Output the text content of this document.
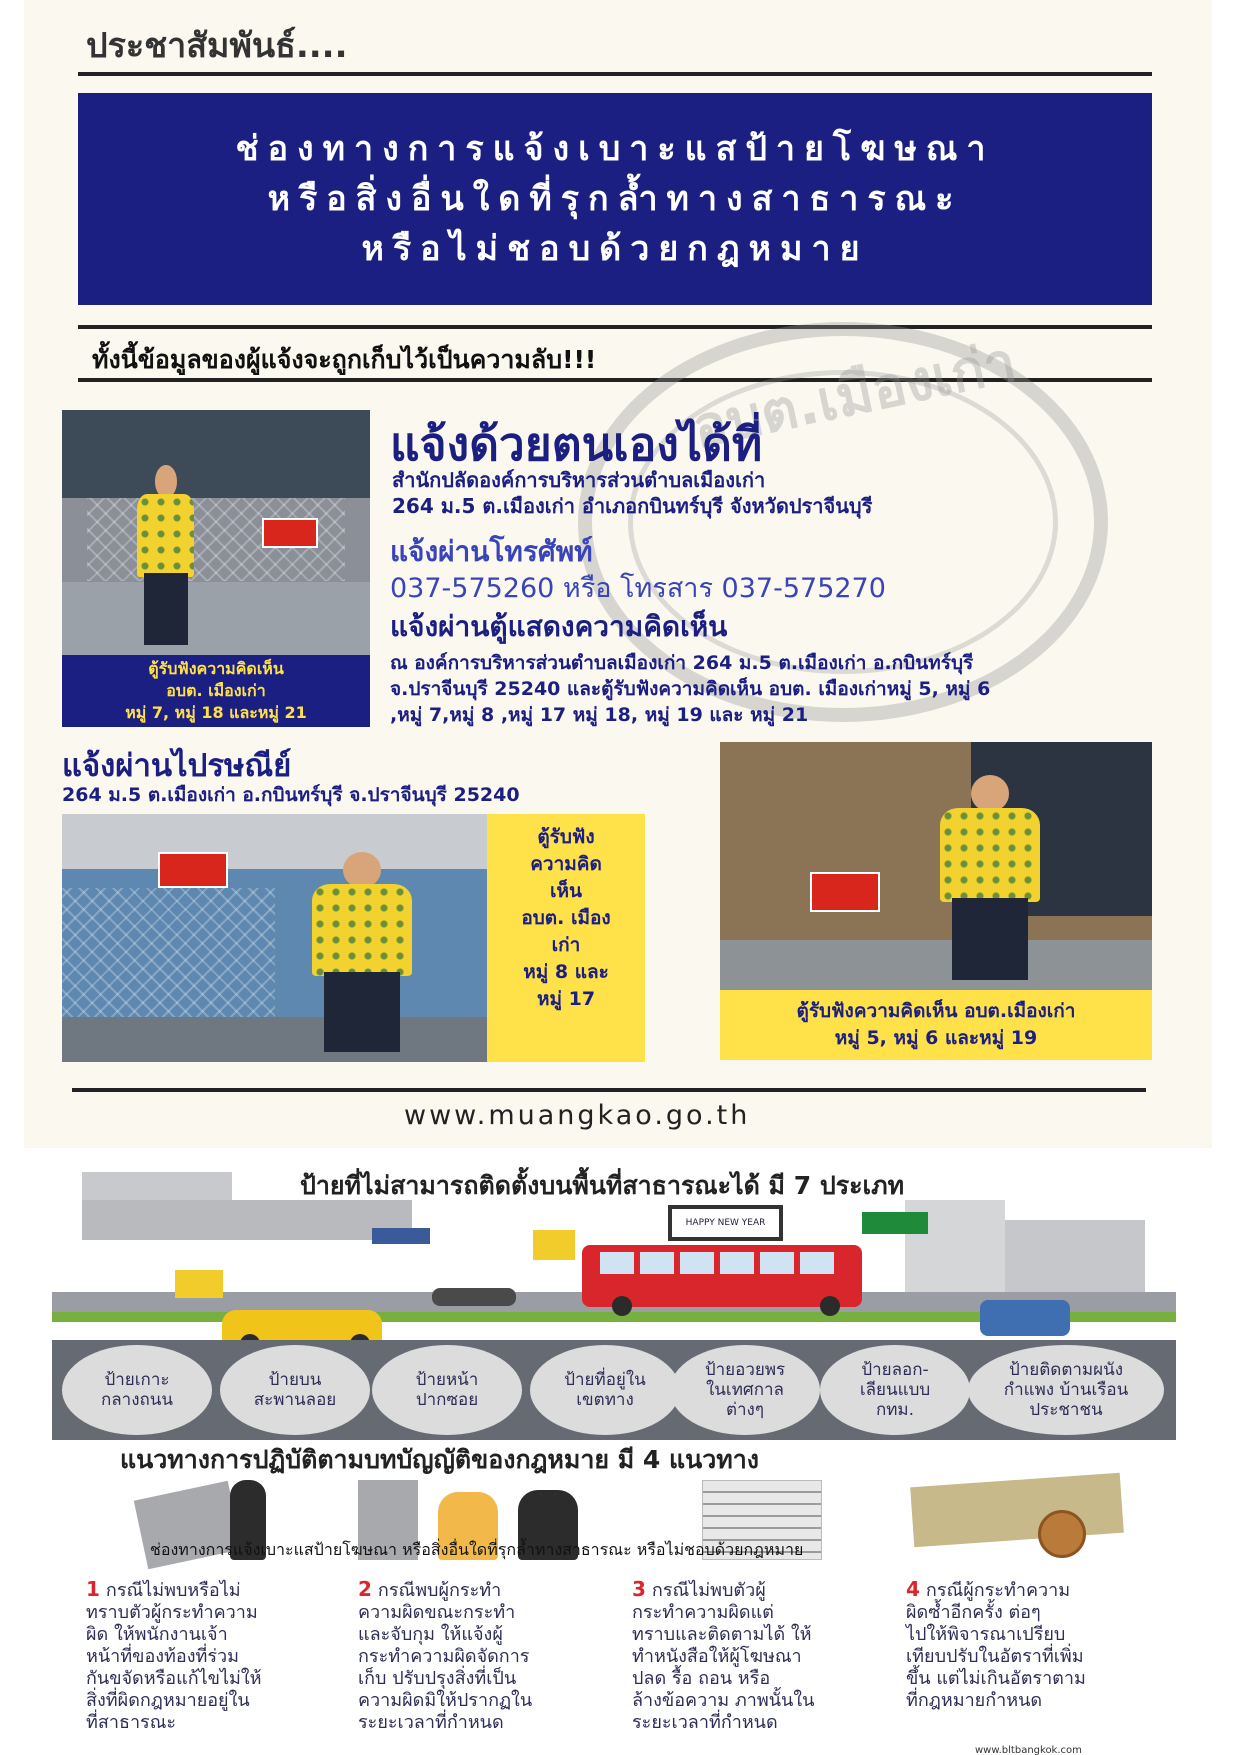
ประชาสัมพันธ์....
ช่องทางการแจ้งเบาะแสป้ายโฆษณา
หรือสิ่งอื่นใดที่รุกล้ำทางสาธารณะ
หรือไม่ชอบด้วยกฎหมาย
ทั้งนี้ข้อมูลของผู้แจ้งจะถูกเก็บไว้เป็นความลับ!!! อบต.เมืองเก่า
ตู้รับฟังความคิดเห็น
อบต. เมืองเก่า
หมู่ 7, หมู่ 18 และหมู่ 21
แจ้งด้วยตนเองได้ที่
สำนักปลัดองค์การบริหารส่วนตำบลเมืองเก่า
264 ม.5 ต.เมืองเก่า อำเภอกบินทร์บุรี จังหวัดปราจีนบุรี
แจ้งผ่านโทรศัพท์
037-575260 หรือ โทรสาร 037-575270
แจ้งผ่านตู้แสดงความคิดเห็น
ณ องค์การบริหารส่วนตำบลเมืองเก่า 264 ม.5 ต.เมืองเก่า อ.กบินทร์บุรี
จ.ปราจีนบุรี 25240 และตู้รับฟังความคิดเห็น อบต. เมืองเก่าหมู่ 5, หมู่ 6
,หมู่ 7,หมู่ 8 ,หมู่ 17 หมู่ 18, หมู่ 19 และ หมู่ 21
แจ้งผ่านไปรษณีย์
264 ม.5 ต.เมืองเก่า อ.กบินทร์บุรี จ.ปราจีนบุรี 25240
ตู้รับฟัง
ความคิด
เห็น
อบต. เมือง
เก่า
หมู่ 8 และ
หมู่ 17
ตู้รับฟังความคิดเห็น อบต.เมืองเก่า
หมู่ 5, หมู่ 6 และหมู่ 19
www.muangkao.go.th
ป้ายที่ไม่สามารถติดตั้งบนพื้นที่สาธารณะได้ มี 7 ประเภท
HAPPY NEW YEAR
ป้ายเกาะ
กลางถนน
ป้ายบน
สะพานลอย
ป้ายหน้า
ปากซอย
ป้ายที่อยู่ใน
เขตทาง
ป้ายอวยพร
ในเทศกาล
ต่างๆ
ป้ายลอก-
เลียนแบบ
กทม.
ป้ายติดตามผนัง
กำแพง บ้านเรือน
ประชาชน
แนวทางการปฏิบัติตามบทบัญญัติของกฎหมาย มี 4 แนวทาง
ช่องทางการแจ้งเบาะแสป้ายโฆษณา หรือสิ่งอื่นใดที่รุกล้ำทางสาธารณะ หรือไม่ชอบด้วยกฎหมาย
1 กรณีไม่พบหรือไม่
ทราบตัวผู้กระทำความ
ผิด ให้พนักงานเจ้า
หน้าที่ของท้องที่ร่วม
กันขจัดหรือแก้ไขไม่ให้
สิ่งที่ผิดกฎหมายอยู่ใน
ที่สาธารณะ
2 กรณีพบผู้กระทำ
ความผิดขณะกระทำ
และจับกุม ให้แจ้งผู้
กระทำความผิดจัดการ
เก็บ ปรับปรุงสิ่งที่เป็น
ความผิดมิให้ปรากฏใน
ระยะเวลาที่กำหนด
3 กรณีไม่พบตัวผู้
กระทำความผิดแต่
ทราบและติดตามได้ ให้
ทำหนังสือให้ผู้โฆษณา
ปลด รื้อ ถอน หรือ
ล้างข้อความ ภาพนั้นใน
ระยะเวลาที่กำหนด
4 กรณีผู้กระทำความ
ผิดซ้ำอีกครั้ง ต่อๆ
ไปให้พิจารณาเปรียบ
เทียบปรับในอัตราที่เพิ่ม
ขึ้น แต่ไม่เกินอัตราตาม
ที่กฎหมายกำหนด
www.bltbangkok.com
